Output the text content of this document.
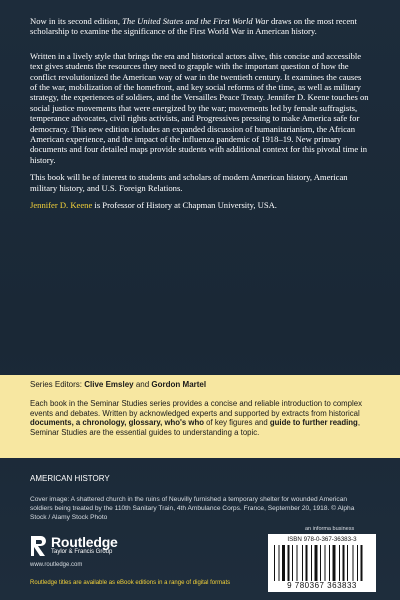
Now in its second edition, The United States and the First World War draws on the most recent scholarship to examine the significance of the First World War in American history.

Written in a lively style that brings the era and historical actors alive, this concise and accessible text gives students the resources they need to grapple with the important question of how the conflict revolutionized the American way of war in the twentieth century. It examines the causes of the war, mobilization of the homefront, and key social reforms of the time, as well as military strategy, the experiences of soldiers, and the Versailles Peace Treaty. Jennifer D. Keene touches on social justice movements that were energized by the war; movements led by female suffragists, temperance advocates, civil rights activists, and Progressives pressing to make America safe for democracy. This new edition includes an expanded discussion of humanitarianism, the African American experience, and the impact of the influenza pandemic of 1918–19. New primary documents and four detailed maps provide students with additional context for this pivotal time in history.

This book will be of interest to students and scholars of modern American history, American military history, and U.S. Foreign Relations.

Jennifer D. Keene is Professor of History at Chapman University, USA.

Series Editors: Clive Emsley and Gordon Martel
Each book in the Seminar Studies series provides a concise and reliable introduction to complex events and debates. Written by acknowledged experts and supported by extracts from historical documents, a chronology, glossary, who's who of key figures and guide to further reading, Seminar Studies are the essential guides to understanding a topic.
AMERICAN HISTORY
Cover image: A shattered church in the ruins of Neuvilly furnished a temporary shelter for wounded American soldiers being treated by the 110th Sanitary Train, 4th Ambulance Corps. France, September 20, 1918. © Alpha Stock / Alamy Stock Photo
Routledge
Taylor & Francis Group
www.routledge.com
Routledge titles are available as eBook editions in a range of digital formats
an informa business
ISBN 978-0-367-36383-3
9 780367 363833
